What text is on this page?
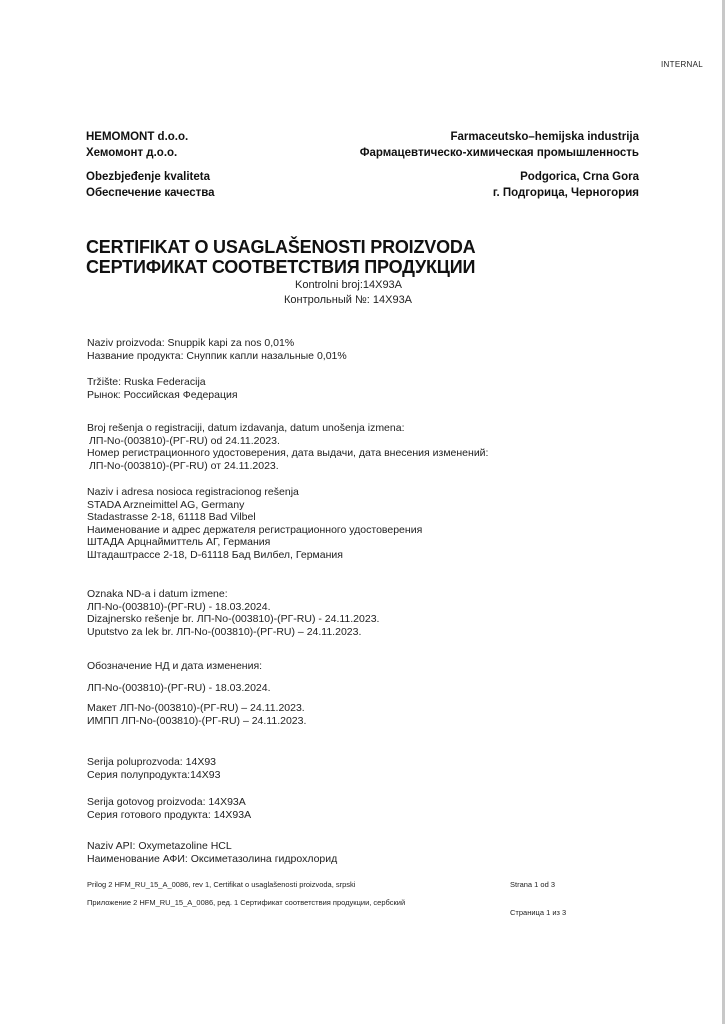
INTERNAL
HEMOMONT d.o.o.
Хемомонт д.о.о.
Farmaceutsko–hemijska industrija
Фармацевтическо-химическая промышленность
Obezbjeđenje kvaliteta
Обеспечение качества
Podgorica, Crna Gora
г. Подгорица, Черногория
CERTIFIKAT O USAGLAŠENOSTI PROIZVODA
СЕРТИФИКАТ СООТВЕТСТВИЯ ПРОДУКЦИИ
Kontrolni broj:14X93A
Контрольный №: 14X93A
Naziv proizvoda: Snuppik kapi za nos 0,01%
Название продукта: Снуппик капли назальные 0,01%
Tržište: Ruska Federacija
Рынок: Российская Федерация
Broj rešenja o registraciji, datum izdavanja, datum unošenja izmena:
ЛП-No-(003810)-(РГ-RU) od 24.11.2023.
Номер регистрационного удостоверения, дата выдачи, дата внесения изменений:
ЛП-No-(003810)-(РГ-RU) от 24.11.2023.
Naziv i adresa nosioca registracionog rešenja
STADA Arzneimittel AG, Germany
Stadastrasse 2-18, 61118 Bad Vilbel
Наименование и адрес держателя регистрационного удостоверения
ШТАДА Арцнаймиттель АГ, Германия
Штадаштрассе 2-18, D-61118 Бад Вилбел, Германия
Oznaka ND-a i datum izmene:
ЛП-No-(003810)-(РГ-RU) - 18.03.2024.
Dizajnersko rešenje br. ЛП-No-(003810)-(РГ-RU) - 24.11.2023.
Uputstvo za lek br. ЛП-No-(003810)-(РГ-RU) – 24.11.2023.
Обозначение НД и дата изменения:
ЛП-No-(003810)-(РГ-RU) - 18.03.2024.
Макет ЛП-No-(003810)-(РГ-RU) – 24.11.2023.
ИМПП ЛП-No-(003810)-(РГ-RU) – 24.11.2023.
Serija poluprozvoda: 14X93
Серия полупродукта:14X93
Serija gotovog proizvoda: 14X93A
Серия готового продукта: 14X93A
Naziv API: Oxymetazoline HCL
Наименование АФИ: Оксиметазолина гидрохлорид
Prilog 2 HFM_RU_15_A_0086, rev 1, Certifikat o usaglašenosti proizvoda, srpski	Strana 1 od 3
Приложение 2 HFM_RU_15_A_0086, ред. 1 Сертификат соответствия продукции, сербский
Страница 1 из 3
